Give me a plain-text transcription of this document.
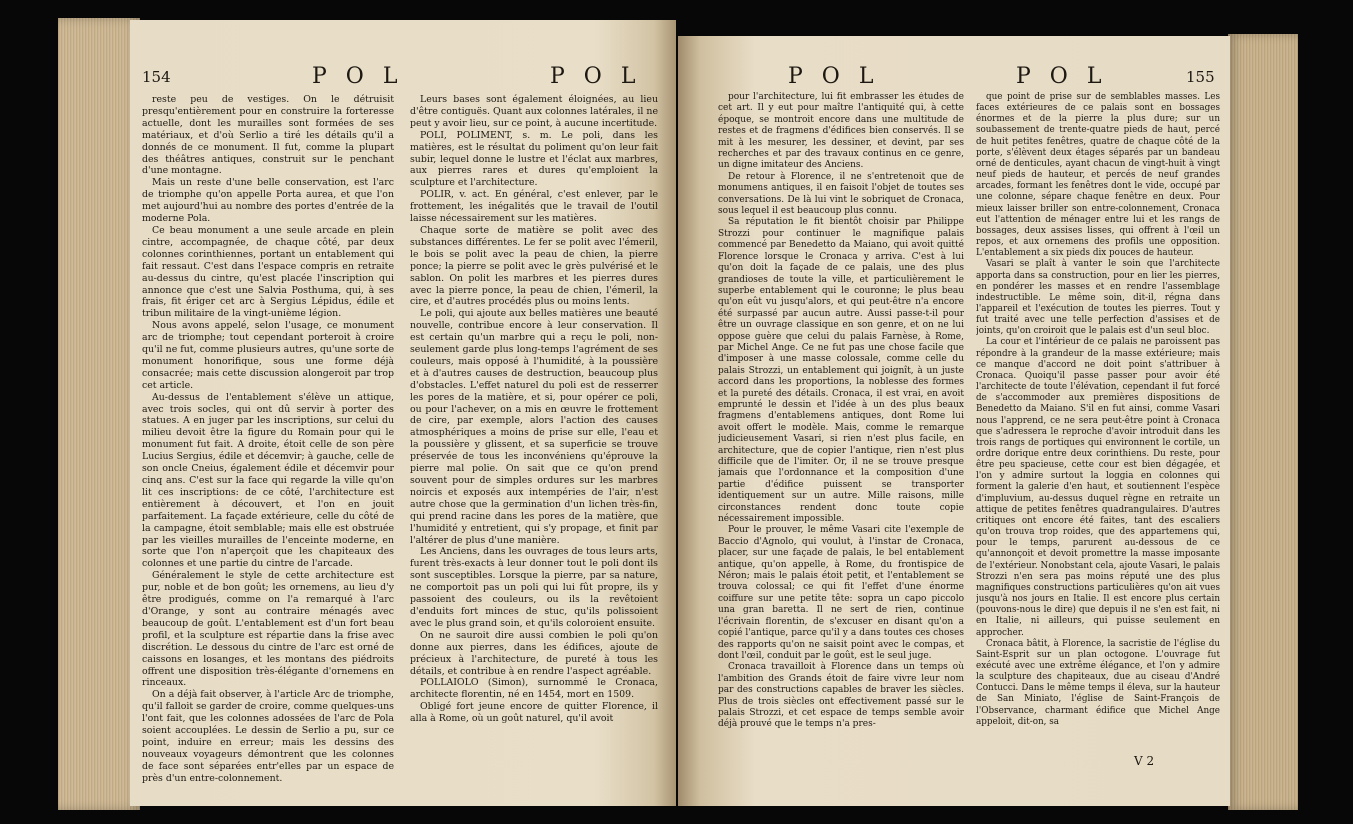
154	P O L	P O L

reste peu de vestiges. On le détruisit presqu'entièrement pour en construire la forteresse actuelle, dont les murailles sont formées de ses matériaux, et d'où Serlio a tiré les détails qu'il a donnés de ce monument. Il fut, comme la plupart des théâtres antiques, construit sur le penchant d'une montagne.

Mais un reste d'une belle conservation, est l'arc de triomphe qu'on appelle Porta aurea, et que l'on met aujourd'hui au nombre des portes d'entrée de la moderne Pola.

Ce beau monument a une seule arcade en plein cintre, accompagnée, de chaque côté, par deux colonnes corinthiennes, portant un entablement qui fait ressaut. C'est dans l'espace compris en retraite au-dessus du cintre, qu'est placée l'inscription qui annonce que c'est une Salvia Posthuma, qui, à ses frais, fit ériger cet arc à Sergius Lépidus, édile et tribun militaire de la vingt-unième légion.

Nous avons appelé, selon l'usage, ce monument arc de triomphe; tout cependant porteroit à croire qu'il ne fut, comme plusieurs autres, qu'une sorte de monument honorifique, sous une forme déjà consacrée; mais cette discussion alongeroit par trop cet article.

Au-dessus de l'entablement s'élève un attique, avec trois socles, qui ont dû servir à porter des statues. A en juger par les inscriptions, sur celui du milieu devoit être la figure du Romain pour qui le monument fut fait. A droite, étoit celle de son père Lucius Sergius, édile et décemvir; à gauche, celle de son oncle Cneius, également édile et décemvir pour cinq ans. C'est sur la face qui regarde la ville qu'on lit ces inscriptions: de ce côté, l'architecture est entièrement à découvert, et l'on en jouit parfaitement. La façade extérieure, celle du côté de la campagne, étoit semblable; mais elle est obstruée par les vieilles murailles de l'enceinte moderne, en sorte que l'on n'aperçoit que les chapiteaux des colonnes et une partie du cintre de l'arcade.

Généralement le style de cette architecture est pur, noble et de bon goût; les ornemens, au lieu d'y être prodigués, comme on l'a remarqué à l'arc d'Orange, y sont au contraire ménagés avec beaucoup de goût. L'entablement est d'un fort beau profil, et la sculpture est répartie dans la frise avec discrétion. Le dessous du cintre de l'arc est orné de caissons en losanges, et les montans des piédroits offrent une disposition très-élégante d'ornemens en rinceaux.

On a déjà fait observer, à l'article Arc de triomphe, qu'il falloit se garder de croire, comme quelques-uns l'ont fait, que les colonnes adossées de l'arc de Pola soient accouplées. Le dessin de Serlio a pu, sur ce point, induire en erreur; mais les dessins des nouveaux voyageurs démontrent que les colonnes de face sont séparées entr'elles par un espace de près d'un entre-colonnement.

Leurs bases sont également éloignées, au lieu d'être contiguës. Quant aux colonnes latérales, il ne peut y avoir lieu, sur ce point, à aucune incertitude.

POLI, POLIMENT, s. m. Le poli, dans les matières, est le résultat du poliment qu'on leur fait subir, lequel donne le lustre et l'éclat aux marbres, aux pierres rares et dures qu'emploient la sculpture et l'architecture.

POLIR, v. act. En général, c'est enlever, par le frottement, les inégalités que le travail de l'outil laisse nécessairement sur les matières.

Chaque sorte de matière se polit avec des substances différentes. Le fer se polit avec l'émeril, le bois se polit avec la peau de chien, la pierre ponce; la pierre se polit avec le grès pulvérisé et le sablon. On polit les marbres et les pierres dures avec la pierre ponce, la peau de chien, l'émeril, la cire, et d'autres procédés plus ou moins lents.

Le poli, qui ajoute aux belles matières une beauté nouvelle, contribue encore à leur conservation. Il est certain qu'un marbre qui a reçu le poli, non-seulement garde plus long-temps l'agrément de ses couleurs, mais opposé à l'humidité, à la poussière et à d'autres causes de destruction, beaucoup plus d'obstacles. L'effet naturel du poli est de resserrer les pores de la matière, et si, pour opérer ce poli, ou pour l'achever, on a mis en œuvre le frottement de cire, par exemple, alors l'action des causes atmosphériques a moins de prise sur elle, l'eau et la poussière y glissent, et sa superficie se trouve préservée de tous les inconvéniens qu'éprouve la pierre mal polie. On sait que ce qu'on prend souvent pour de simples ordures sur les marbres noircis et exposés aux intempéries de l'air, n'est autre chose que la germination d'un lichen très-fin, qui prend racine dans les pores de la matière, que l'humidité y entretient, qui s'y propage, et finit par l'altérer de plus d'une manière.

Les Anciens, dans les ouvrages de tous leurs arts, furent très-exacts à leur donner tout le poli dont ils sont susceptibles. Lorsque la pierre, par sa nature, ne comportoit pas un poli qui lui fût propre, ils y passoient des couleurs, ou ils la revêtoient d'enduits fort minces de stuc, qu'ils polissoient avec le plus grand soin, et qu'ils coloroient ensuite.

On ne sauroit dire aussi combien le poli qu'on donne aux pierres, dans les édifices, ajoute de précieux à l'architecture, de pureté à tous les détails, et contribue à en rendre l'aspect agréable.

POLLAIOLO (Simon), surnommé le Cronaca, architecte florentin, né en 1454, mort en 1509.

Obligé fort jeune encore de quitter Florence, il alla à Rome, où un goût naturel, qu'il avoit

P O L	P O L	155

pour l'architecture, lui fit embrasser les études de cet art. Il y eut pour maître l'antiquité qui, à cette époque, se montroit encore dans une multitude de restes et de fragmens d'édifices bien conservés. Il se mit à les mesurer, les dessiner, et devint, par ses recherches et par des travaux continus en ce genre, un digne imitateur des Anciens.

De retour à Florence, il ne s'entretenoit que de monumens antiques, il en faisoit l'objet de toutes ses conversations. De là lui vint le sobriquet de Cronaca, sous lequel il est beaucoup plus connu.

Sa réputation le fit bientôt choisir par Philippe Strozzi pour continuer le magnifique palais commencé par Benedetto da Maiano, qui avoit quitté Florence lorsque le Cronaca y arriva. C'est à lui qu'on doit la façade de ce palais, une des plus grandioses de toute la ville, et particulièrement le superbe entablement qui le couronne; le plus beau qu'on eût vu jusqu'alors, et qui peut-être n'a encore été surpassé par aucun autre. Aussi passe-t-il pour être un ouvrage classique en son genre, et on ne lui oppose guère que celui du palais Farnèse, à Rome, par Michel Ange. Ce ne fut pas une chose facile que d'imposer à une masse colossale, comme celle du palais Strozzi, un entablement qui joignît, à un juste accord dans les proportions, la noblesse des formes et la pureté des détails. Cronaca, il est vrai, en avoit emprunté le dessin et l'idée à un des plus beaux fragmens d'entablemens antiques, dont Rome lui avoit offert le modèle. Mais, comme le remarque judicieusement Vasari, si rien n'est plus facile, en architecture, que de copier l'antique, rien n'est plus difficile que de l'imiter. Or, il ne se trouve presque jamais que l'ordonnance et la composition d'une partie d'édifice puissent se transporter identiquement sur un autre. Mille raisons, mille circonstances rendent donc toute copie nécessairement impossible.

Pour le prouver, le même Vasari cite l'exemple de Baccio d'Agnolo, qui voulut, à l'instar de Cronaca, placer, sur une façade de palais, le bel entablement antique, qu'on appelle, à Rome, du frontispice de Néron; mais le palais étoit petit, et l'entablement se trouva colossal; ce qui fit l'effet d'une énorme coiffure sur une petite tête: sopra un capo piccolo una gran baretta. Il ne sert de rien, continue l'écrivain florentin, de s'excuser en disant qu'on a copié l'antique, parce qu'il y a dans toutes ces choses des rapports qu'on ne saisit point avec le compas, et dont l'œil, conduit par le goût, est le seul juge.

Cronaca travailloit à Florence dans un temps où l'ambition des Grands étoit de faire vivre leur nom par des constructions capables de braver les siècles. Plus de trois siècles ont effectivement passé sur le palais Strozzi, et cet espace de temps semble avoir déjà prouvé que le temps n'a pres-

que point de prise sur de semblables masses. Les faces extérieures de ce palais sont en bossages énormes et de la pierre la plus dure; sur un soubassement de trente-quatre pieds de haut, percé de huit petites fenêtres, quatre de chaque côté de la porte, s'élèvent deux étages séparés par un bandeau orné de denticules, ayant chacun de vingt-huit à vingt neuf pieds de hauteur, et percés de neuf grandes arcades, formant les fenêtres dont le vide, occupé par une colonne, sépare chaque fenêtre en deux. Pour mieux laisser briller son entre-colonnement, Cronaca eut l'attention de ménager entre lui et les rangs de bossages, deux assises lisses, qui offrent à l'œil un repos, et aux ornemens des profils une opposition. L'entablement a six pieds dix pouces de hauteur.

Vasari se plaît à vanter le soin que l'architecte apporta dans sa construction, pour en lier les pierres, en pondérer les masses et en rendre l'assemblage indestructible. Le même soin, dit-il, régna dans l'appareil et l'exécution de toutes les pierres. Tout y fut traité avec une telle perfection d'assises et de joints, qu'on croiroit que le palais est d'un seul bloc.

La cour et l'intérieur de ce palais ne paroissent pas répondre à la grandeur de la masse extérieure; mais ce manque d'accord ne doit point s'attribuer à Cronaca. Quoiqu'il passe passer pour avoir été l'architecte de toute l'élévation, cependant il fut forcé de s'accommoder aux premières dispositions de Benedetto da Maiano. S'il en fut ainsi, comme Vasari nous l'apprend, ce ne sera peut-être point à Cronaca que s'adressera le reproche d'avoir introduit dans les trois rangs de portiques qui environnent le cortile, un ordre dorique entre deux corinthiens. Du reste, pour être peu spacieuse, cette cour est bien dégagée, et l'on y admire surtout la loggia en colonnes qui forment la galerie d'en haut, et soutiennent l'espèce d'impluvium, au-dessus duquel règne en retraite un attique de petites fenêtres quadrangulaires. D'autres critiques ont encore été faites, tant des escaliers qu'on trouva trop roides, que des appartemens qui, pour le temps, parurent au-dessous de ce qu'annonçoit et devoit promettre la masse imposante de l'extérieur. Nonobstant cela, ajoute Vasari, le palais Strozzi n'en sera pas moins réputé une des plus magnifiques constructions particulières qu'on ait vues jusqu'à nos jours en Italie. Il est encore plus certain (pouvons-nous le dire) que depuis il ne s'en est fait, ni en Italie, ni ailleurs, qui puisse seulement en approcher.

Cronaca bâtit, à Florence, la sacristie de l'église du Saint-Esprit sur un plan octogone. L'ouvrage fut exécuté avec une extrême élégance, et l'on y admire la sculpture des chapiteaux, due au ciseau d'André Contucci. Dans le même temps il éleva, sur la hauteur de San Miniato, l'église de Saint-François de l'Observance, charmant édifice que Michel Ange appeloit, dit-on, sa

V 2
